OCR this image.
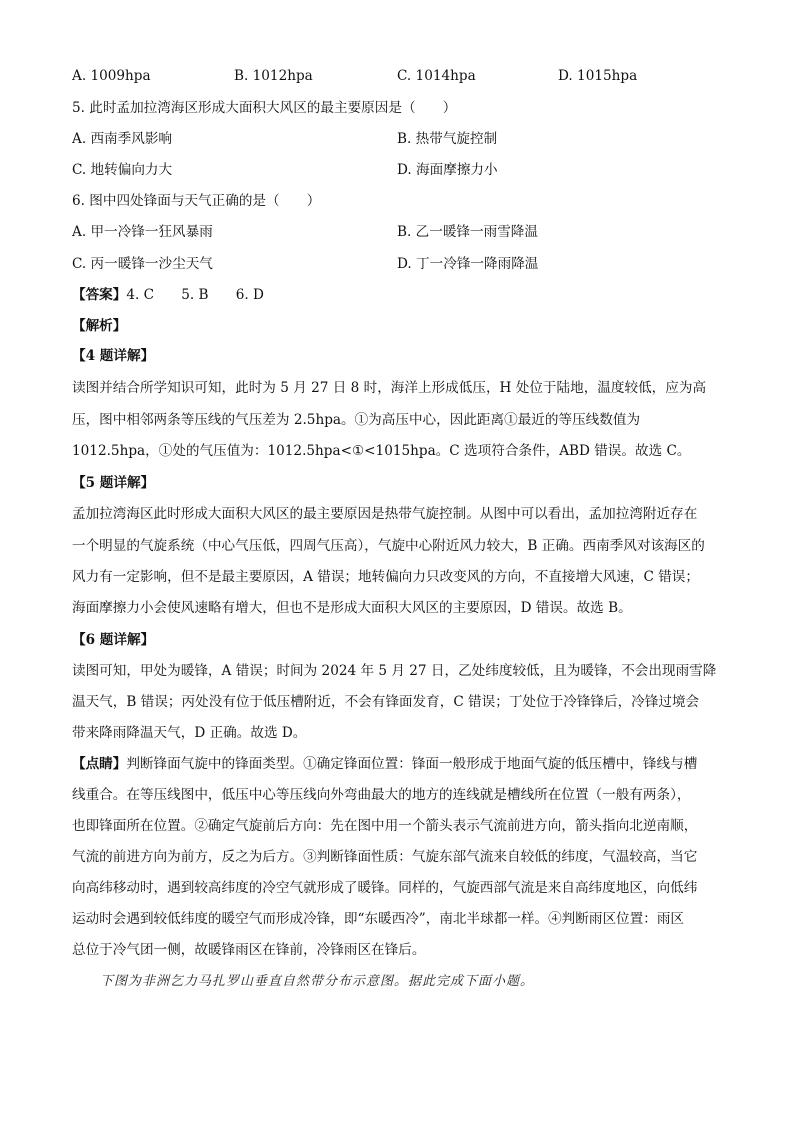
A. 1009hpa	B. 1012hpa	C. 1014hpa	D. 1015hpa
5. 此时孟加拉湾海区形成大面积大风区的最主要原因是（　　）
A. 西南季风影响	B. 热带气旋控制
C. 地转偏向力大	D. 海面摩擦力小
6. 图中四处锋面与天气正确的是（　　）
A. 甲一冷锋一狂风暴雨	B. 乙一暖锋一雨雪降温
C. 丙一暖锋一沙尘天气	D. 丁一冷锋一降雨降温
【答案】4. C　　5. B　　6. D
【解析】
【4 题详解】
读图并结合所学知识可知，此时为 5 月 27 日 8 时，海洋上形成低压，H 处位于陆地，温度较低，应为高
压，图中相邻两条等压线的气压差为 2.5hpa。①为高压中心，因此距离①最近的等压线数值为
1012.5hpa，①处的气压值为：1012.5hpa<①<1015hpa。C 选项符合条件，ABD 错误。故选 C。
【5 题详解】
孟加拉湾海区此时形成大面积大风区的最主要原因是热带气旋控制。从图中可以看出，孟加拉湾附近存在
一个明显的气旋系统（中心气压低，四周气压高），气旋中心附近风力较大，B 正确。西南季风对该海区的
风力有一定影响，但不是最主要原因，A 错误；地转偏向力只改变风的方向，不直接增大风速，C 错误；
海面摩擦力小会使风速略有增大，但也不是形成大面积大风区的主要原因，D 错误。故选 B。
【6 题详解】
读图可知，甲处为暖锋，A 错误；时间为 2024 年 5 月 27 日，乙处纬度较低，且为暖锋，不会出现雨雪降
温天气，B 错误；丙处没有位于低压槽附近，不会有锋面发育，C 错误；丁处位于冷锋锋后，冷锋过境会
带来降雨降温天气，D 正确。故选 D。
【点睛】判断锋面气旋中的锋面类型。①确定锋面位置：锋面一般形成于地面气旋的低压槽中，锋线与槽
线重合。在等压线图中，低压中心等压线向外弯曲最大的地方的连线就是槽线所在位置（一般有两条），
也即锋面所在位置。②确定气旋前后方向：先在图中用一个箭头表示气流前进方向，箭头指向北逆南顺，
气流的前进方向为前方，反之为后方。③判断锋面性质：气旋东部气流来自较低的纬度，气温较高，当它
向高纬移动时，遇到较高纬度的冷空气就形成了暖锋。同样的，气旋西部气流是来自高纬度地区，向低纬
运动时会遇到较低纬度的暖空气而形成冷锋，即“东暖西冷”，南北半球都一样。④判断雨区位置：雨区
总位于冷气团一侧，故暖锋雨区在锋前，冷锋雨区在锋后。
下图为非洲乞力马扎罗山垂直自然带分布示意图。据此完成下面小题。
